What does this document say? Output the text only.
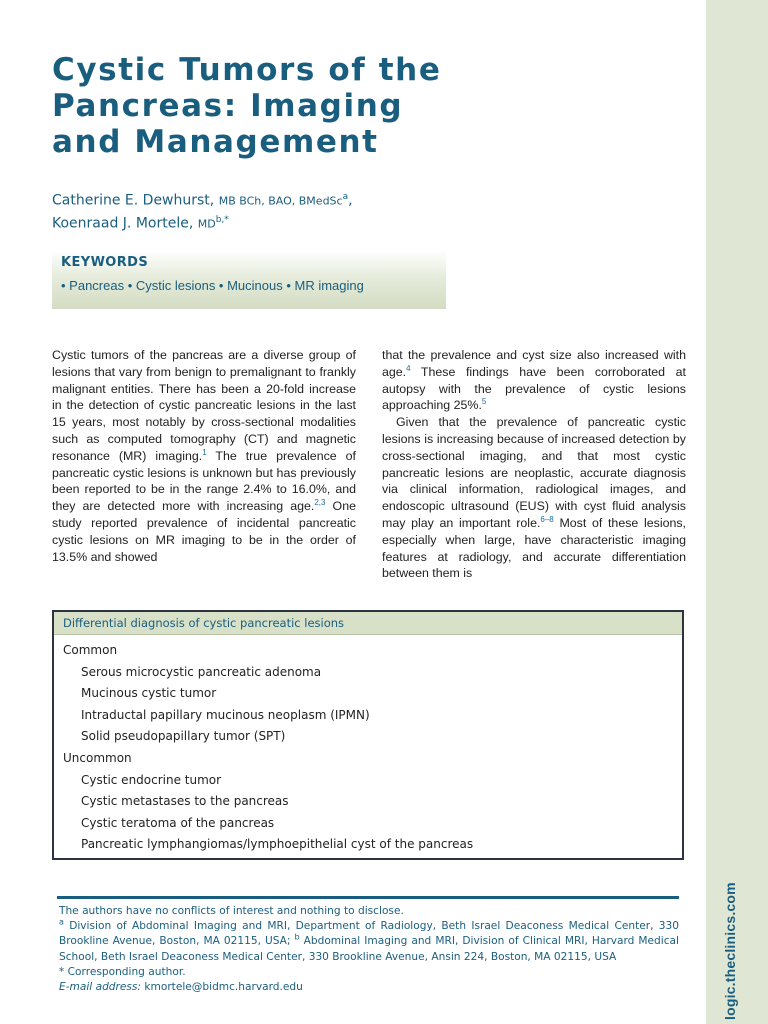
logic.theclinics.com
Cystic Tumors of the
Pancreas: Imaging
and Management
Catherine E. Dewhurst, MB BCh, BAO, BMedSc$^a$,
Koenraad J. Mortele, $MD^{b,*}$
KEYWORDS
• Pancreas • Cystic lesions • Mucinous • MR imaging

Cystic tumors of the pancreas are a diverse group of lesions that vary from benign to premalignant to frankly malignant entities. There has been a 20-fold increase in the detection of cystic pancreatic lesions in the last 15 years, most notably by cross-sectional modalities such as computed tomography (CT) and magnetic resonance (MR) imaging.$^1$ The true prevalence of pancreatic cystic lesions is unknown but has previously been reported to be in the range 2.4% to 16.0%, and they are detected more with increasing age.$^{2,3}$ One study reported prevalence of incidental pancreatic cystic lesions on MR imaging to be in the order of 13.5% and showed

that the prevalence and cyst size also increased with age.$^4$ These findings have been corroborated at autopsy with the prevalence of cystic lesions approaching 25%.$^5$

Given that the prevalence of pancreatic cystic lesions is increasing because of increased detection by cross-sectional imaging, and that most cystic pancreatic lesions are neoplastic, accurate diagnosis via clinical information, radiological images, and endoscopic ultrasound (EUS) with cyst fluid analysis may play an important role.$^{6-8}$ Most of these lesions, especially when large, have characteristic imaging features at radiology, and accurate differentiation between them is

Differential diagnosis of cystic pancreatic lesions
Common
Serous microcystic pancreatic adenoma
Mucinous cystic tumor
Intraductal papillary mucinous neoplasm (IPMN)
Solid pseudopapillary tumor (SPT)
Uncommon
Cystic endocrine tumor
Cystic metastases to the pancreas
Cystic teratoma of the pancreas
Pancreatic lymphangiomas/lymphoepithelial cyst of the pancreas

The authors have no conflicts of interest and nothing to disclose.

$^a$ Division of Abdominal Imaging and MRI, Department of Radiology, Beth Israel Deaconess Medical Center, 330 Brookline Avenue, Boston, MA 02115, USA; $^b$ Abdominal Imaging and MRI, Division of Clinical MRI, Harvard Medical School, Beth Israel Deaconess Medical Center, 330 Brookline Avenue, Ansin 224, Boston, MA 02115, USA

* Corresponding author.

E-mail address: kmortele@bidmc.harvard.edu
